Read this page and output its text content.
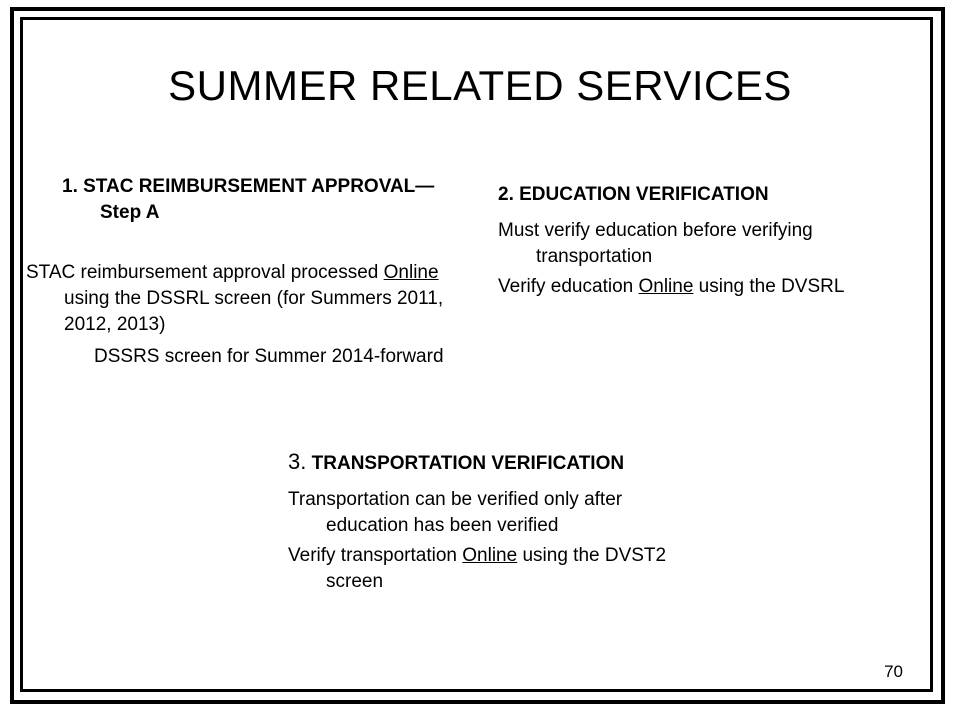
SUMMER RELATED SERVICES

1. STAC REIMBURSEMENT APPROVAL—Step A

STAC reimbursement approval processed Online using the DSSRL screen (for Summers 2011, 2012, 2013)

DSSRS screen for Summer 2014-forward

2. EDUCATION VERIFICATION

Must verify education before verifying transportation

Verify education Online using the DVSRL

3. TRANSPORTATION VERIFICATION

Transportation can be verified only after education has been verified

Verify transportation Online using the DVST2 screen

70
